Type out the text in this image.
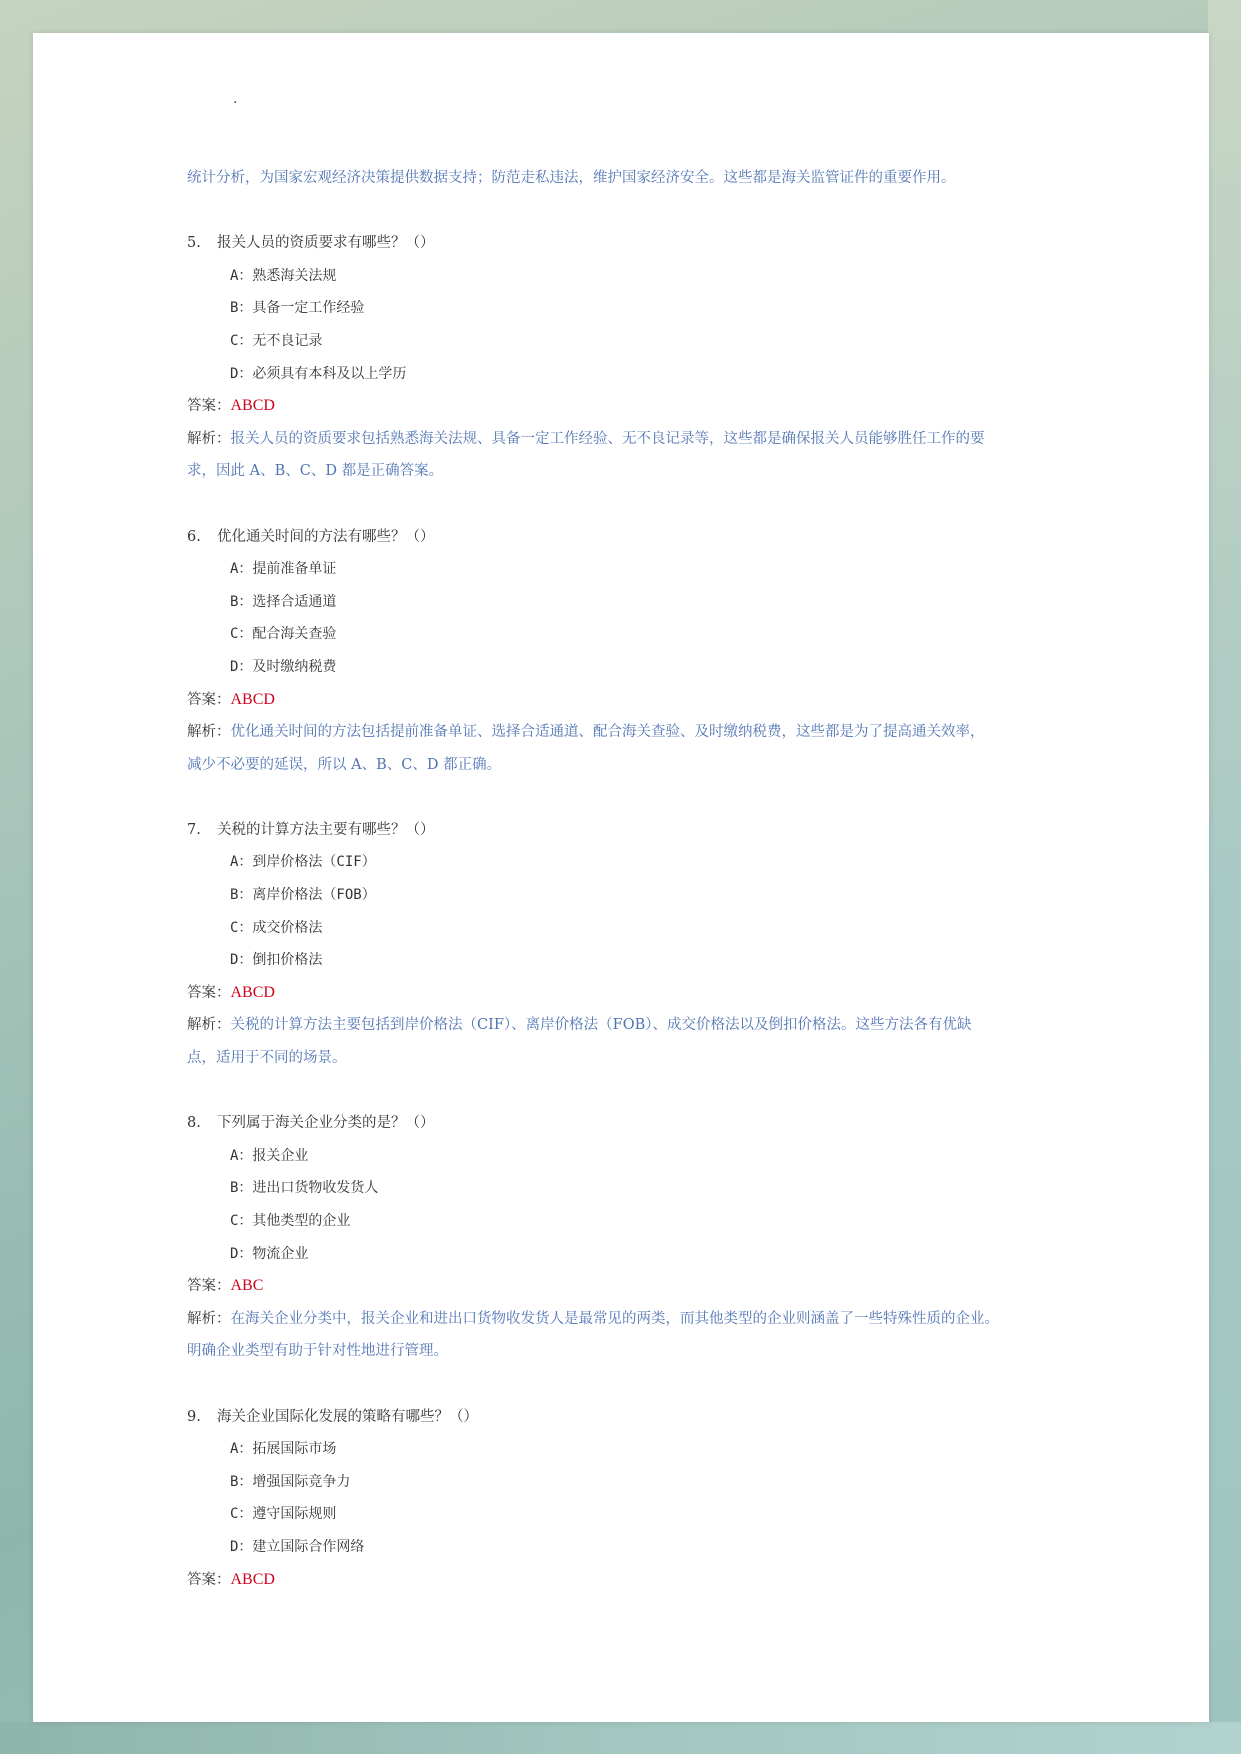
.
统计分析，为国家宏观经济决策提供数据支持；防范走私违法，维护国家经济安全。这些都是海关监管证件的重要作用。
5. 报关人员的资质要求有哪些？（）
A：熟悉海关法规
B：具备一定工作经验
C：无不良记录
D：必须具有本科及以上学历
答案：ABCD
解析：报关人员的资质要求包括熟悉海关法规、具备一定工作经验、无不良记录等，这些都是确保报关人员能够胜任工作的要
求，因此 A、B、C、D 都是正确答案。
6. 优化通关时间的方法有哪些？（）
A：提前准备单证
B：选择合适通道
C：配合海关查验
D：及时缴纳税费
答案：ABCD
解析：优化通关时间的方法包括提前准备单证、选择合适通道、配合海关查验、及时缴纳税费，这些都是为了提高通关效率，
减少不必要的延误，所以 A、B、C、D 都正确。
7. 关税的计算方法主要有哪些？（）
A：到岸价格法（CIF）
B：离岸价格法（FOB）
C：成交价格法
D：倒扣价格法
答案：ABCD
解析：关税的计算方法主要包括到岸价格法（CIF）、离岸价格法（FOB）、成交价格法以及倒扣价格法。这些方法各有优缺
点，适用于不同的场景。
8. 下列属于海关企业分类的是？（）
A：报关企业
B：进出口货物收发货人
C：其他类型的企业
D：物流企业
答案：ABC
解析：在海关企业分类中，报关企业和进出口货物收发货人是最常见的两类，而其他类型的企业则涵盖了一些特殊性质的企业。
明确企业类型有助于针对性地进行管理。
9. 海关企业国际化发展的策略有哪些？（）
A：拓展国际市场
B：增强国际竞争力
C：遵守国际规则
D：建立国际合作网络
答案：ABCD
